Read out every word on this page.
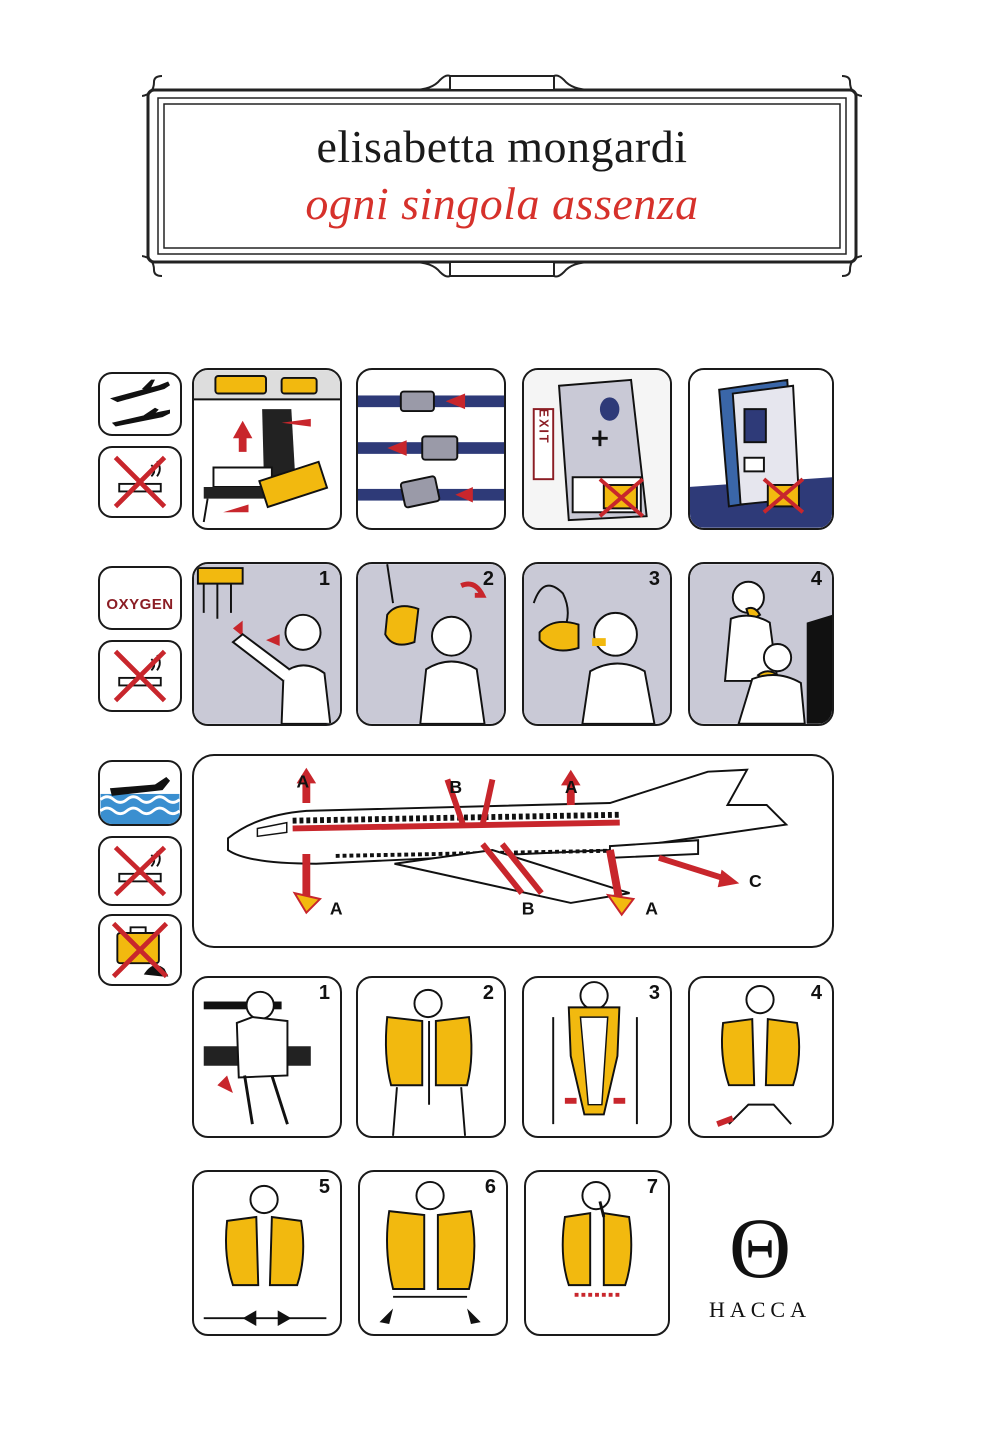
elisabetta mongardi
ogni singola assenza
EXIT
OXYGEN
1	2	3	4
A	B	A
A	B	A
C
1	2	3	4
5	6	7
Θ
HACCA
